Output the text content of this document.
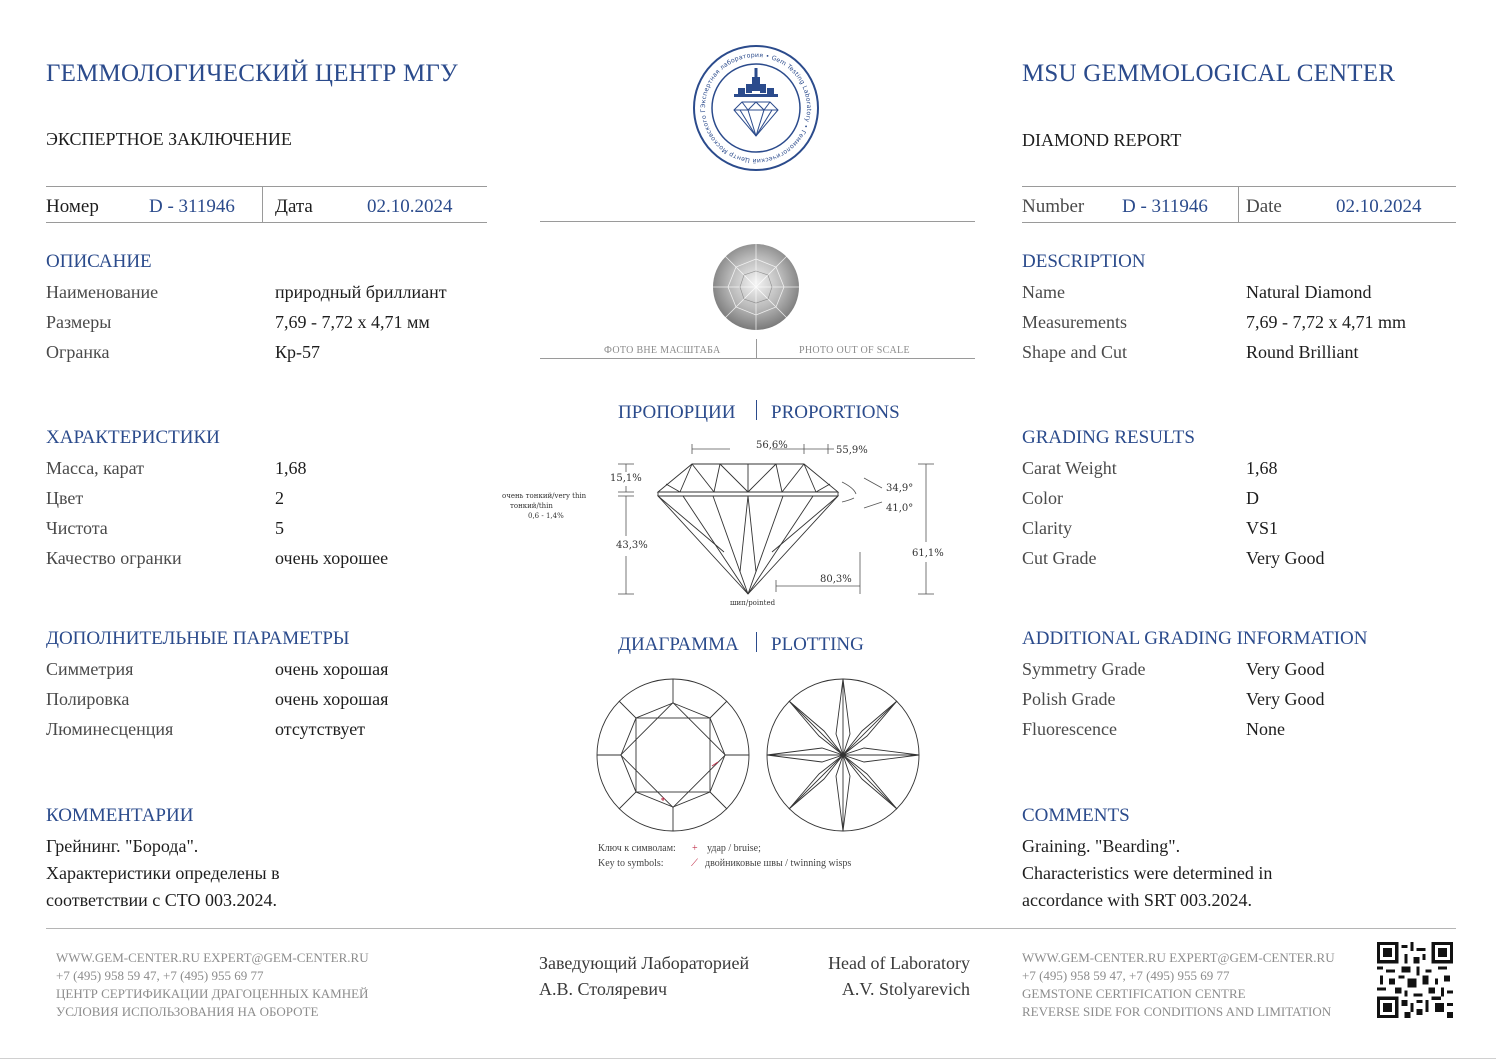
ГЕММОЛОГИЧЕСКИЙ ЦЕНТР МГУ
ЭКСПЕРТНОЕ ЗАКЛЮЧЕНИЕ
MSU GEMMOLOGICAL CENTER
DIAMOND REPORT
Экспертная лаборатория • Gem Testing Laboratory • Геммологический Центр Московского Г
Номер	D - 311946 Дата	02.10.2024	Number D - 311946 Date	02.10.2024
ОПИСАНИЕ
Наименование	природный бриллиант
Размеры	7,69 - 7,72 x 4,71 мм
Огранка	Кр-57
ХАРАКТЕРИСТИКИ
Масса, карат	1,68
Цвет	2
Чистота	5
Качество огранки	очень хорошее
ДОПОЛНИТЕЛЬНЫЕ ПАРАМЕТРЫ
Симметрия	очень хорошая
Полировка	очень хорошая
Люминесценция	отсутствует
КОММЕНТАРИИ
Грейнинг. "Борода".
Характеристики определены в
соответствии с СТО 003.2024.
DESCRIPTION
Name	Natural Diamond
Measurements	7,69 - 7,72 x 4,71 mm
Shape and Cut	Round Brilliant
GRADING RESULTS
Carat Weight	1,68
Color	D
Clarity	VS1
Cut Grade	Very Good
ADDITIONAL GRADING INFORMATION
Symmetry Grade	Very Good
Polish Grade	Very Good
Fluorescence	None
COMMENTS
Graining. "Bearding".
Characteristics were determined in
accordance with SRT 003.2024.
ФОТО ВНЕ МАСШТАБА	PHOTO OUT OF SCALE
ПРОПОРЦИИ PROPORTIONS
56,6%	55,9%
15,1%
34,9°
41,0°
43,3%
61,1%
80,3%
очень тонкий/very thin
тонкий/thin
0,6 - 1,4%
шип/pointed
ДИАГРАММА PLOTTING
Ключ к символам:
Key to symbols:
+ удар / bruise;
⟋ двойниковые швы / twinning wisps
WWW.GEM-CENTER.RU EXPERT@GEM-CENTER.RU
+7 (495) 958 59 47, +7 (495) 955 69 77
ЦЕНТР СЕРТИФИКАЦИИ ДРАГОЦЕННЫХ КАМНЕЙ
УСЛОВИЯ ИСПОЛЬЗОВАНИЯ НА ОБОРОТЕ
Заведующий Лабораторией
А.В. Столяревич
Head of Laboratory
A.V. Stolyarevich
WWW.GEM-CENTER.RU EXPERT@GEM-CENTER.RU
+7 (495) 958 59 47, +7 (495) 955 69 77
GEMSTONE CERTIFICATION CENTRE
REVERSE SIDE FOR CONDITIONS AND LIMITATION
